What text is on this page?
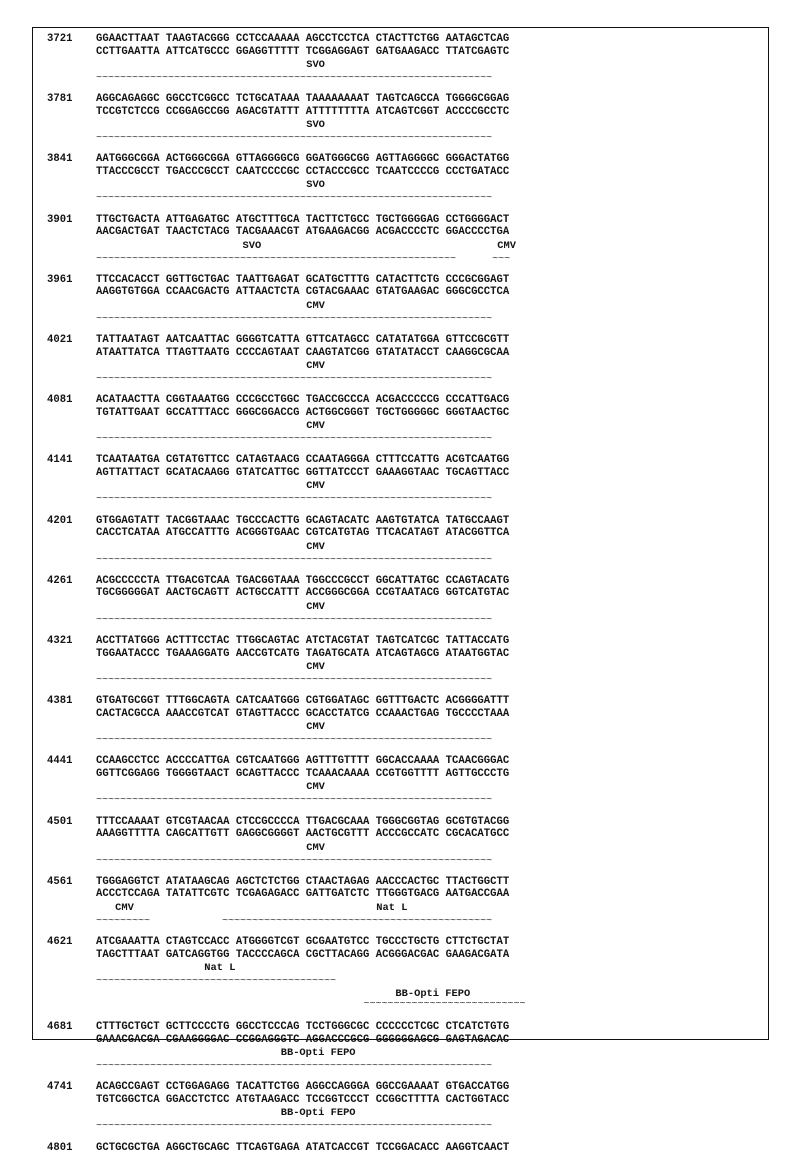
3721 GGAACTTAAT TAAGTACGGG CCTCCAAAAA AGCCTCCTCA CTACTTCTGG AATAGCTCAG
CCTTGAATTA ATTCATGCCC GGAGGTTTTT TCGGAGGAGT GATGAAGACC TTATCGAGTC
SVO
~~~~~~~~~~~~~~~~~~~~~~~~~~~~~~~~~~~~~~~~~~~~~~~~~~~~~~~~~~~~~~~~~~
3781 AGGCAGAGGC GGCCTCGGCC TCTGCATAAA TAAAAAAAAT TAGTCAGCCA TGGGGCGGAG
TCCGTCTCCG CCGGAGCCGG AGACGTATTT ATTTTTTTTA ATCAGTCGGT ACCCCGCCTC
SVO
~~~~~~~~~~~~~~~~~~~~~~~~~~~~~~~~~~~~~~~~~~~~~~~~~~~~~~~~~~~~~~~~~~
3841 AATGGGCGGA ACTGGGCGGA GTTAGGGGCG GGATGGGCGG AGTTAGGGGC GGGACTATGG
TTACCCGCCT TGACCCGCCT CAATCCCCGC CCTACCCGCC TCAATCCCCG CCCTGATACC
SVO
~~~~~~~~~~~~~~~~~~~~~~~~~~~~~~~~~~~~~~~~~~~~~~~~~~~~~~~~~~~~~~~~~~
3901 TTGCTGACTA ATTGAGATGC ATGCTTTGCA TACTTCTGCC TGCTGGGGAG CCTGGGGACT
AACGACTGAT TAACTCTACG TACGAAACGT ATGAAGACGG ACGACCCCTC GGACCCCTGA
SVO	CMV
~~~~~~~~~~~~~~~~~~~~~~~~~~~~~~~~~~~~~~~~~~~~~~~~~~~~~~~~~~~~      ~~~
3961 TTCCACACCT GGTTGCTGAC TAATTGAGAT GCATGCTTTG CATACTTCTG CCCGCGGAGT
AAGGTGTGGA CCAACGACTG ATTAACTCTA CGTACGAAAC GTATGAAGAC GGGCGCCTCA
CMV
~~~~~~~~~~~~~~~~~~~~~~~~~~~~~~~~~~~~~~~~~~~~~~~~~~~~~~~~~~~~~~~~~~
4021 TATTAATAGT AATCAATTAC GGGGTCATTA GTTCATAGCC CATATATGGA GTTCCGCGTT
ATAATTATCA TTAGTTAATG CCCCAGTAAT CAAGTATCGG GTATATACCT CAAGGCGCAA
CMV
~~~~~~~~~~~~~~~~~~~~~~~~~~~~~~~~~~~~~~~~~~~~~~~~~~~~~~~~~~~~~~~~~~
4081 ACATAACTTA CGGTAAATGG CCCGCCTGGC TGACCGCCCA ACGACCCCCG CCCATTGACG
TGTATTGAAT GCCATTTACC GGGCGGACCG ACTGGCGGGT TGCTGGGGGC GGGTAACTGC
CMV
~~~~~~~~~~~~~~~~~~~~~~~~~~~~~~~~~~~~~~~~~~~~~~~~~~~~~~~~~~~~~~~~~~
4141 TCAATAATGA CGTATGTTCC CATAGTAACG CCAATAGGGA CTTTCCATTG ACGTCAATGG
AGTTATTACT GCATACAAGG GTATCATTGC GGTTATCCCT GAAAGGTAAC TGCAGTTACC
CMV
~~~~~~~~~~~~~~~~~~~~~~~~~~~~~~~~~~~~~~~~~~~~~~~~~~~~~~~~~~~~~~~~~~
4201 GTGGAGTATT TACGGTAAAC TGCCCACTTG GCAGTACATC AAGTGTATCA TATGCCAAGT
CACCTCATAA ATGCCATTTG ACGGGTGAAC CGTCATGTAG TTCACATAGT ATACGGTTCA
CMV
~~~~~~~~~~~~~~~~~~~~~~~~~~~~~~~~~~~~~~~~~~~~~~~~~~~~~~~~~~~~~~~~~~
4261 ACGCCCCCTA TTGACGTCAA TGACGGTAAA TGGCCCGCCT GGCATTATGC CCAGTACATG
TGCGGGGGAT AACTGCAGTT ACTGCCATTT ACCGGGCGGA CCGTAATACG GGTCATGTAC
CMV
~~~~~~~~~~~~~~~~~~~~~~~~~~~~~~~~~~~~~~~~~~~~~~~~~~~~~~~~~~~~~~~~~~
4321 ACCTTATGGG ACTTTCCTAC TTGGCAGTAC ATCTACGTAT TAGTCATCGC TATTACCATG
TGGAATACCC TGAAAGGATG AACCGTCATG TAGATGCATA ATCAGTAGCG ATAATGGTAC
CMV
~~~~~~~~~~~~~~~~~~~~~~~~~~~~~~~~~~~~~~~~~~~~~~~~~~~~~~~~~~~~~~~~~~
4381 GTGATGCGGT TTTGGCAGTA CATCAATGGG CGTGGATAGC GGTTTGACTC ACGGGGATTT
CACTACGCCA AAACCGTCAT GTAGTTACCC GCACCTATCG CCAAACTGAG TGCCCCTAAA
CMV
~~~~~~~~~~~~~~~~~~~~~~~~~~~~~~~~~~~~~~~~~~~~~~~~~~~~~~~~~~~~~~~~~~
4441 CCAAGCCTCC ACCCCATTGA CGTCAATGGG AGTTTGTTTT GGCACCAAAA TCAACGGGAC
GGTTCGGAGG TGGGGTAACT GCAGTTACCC TCAAACAAAA CCGTGGTTTT AGTTGCCCTG
CMV
~~~~~~~~~~~~~~~~~~~~~~~~~~~~~~~~~~~~~~~~~~~~~~~~~~~~~~~~~~~~~~~~~~
4501 TTTCCAAAAT GTCGTAACAA CTCCGCCCCA TTGACGCAAA TGGGCGGTAG GCGTGTACGG
AAAGGTTTTA CAGCATTGTT GAGGCGGGGT AACTGCGTTT ACCCGCCATC CGCACATGCC
CMV
~~~~~~~~~~~~~~~~~~~~~~~~~~~~~~~~~~~~~~~~~~~~~~~~~~~~~~~~~~~~~~~~~~
4561 TGGGAGGTCT ATATAAGCAG AGCTCTCTGG CTAACTAGAG AACCCACTGC TTACTGGCTT
ACCCTCCAGA TATATTCGTC TCGAGAGACC GATTGATCTC TTGGGTGACG AATGACCGAA
CMV	Nat L
~~~~~~~~~            ~~~~~~~~~~~~~~~~~~~~~~~~~~~~~~~~~~~~~~~~~~~~~
4621 ATCGAAATTA CTAGTCCACC ATGGGGTCGT GCGAATGTCC TGCCCTGCTG CTTCTGCTAT
TAGCTTTAAT GATCAGGTGG TACCCCAGCA CGCTTACAGG ACGGGACGAC GAAGACGATA
Nat L
~~~~~~~~~~~~~~~~~~~~~~~~~~~~~~~~~~~~~~~~
BB-Opti FEPO
~~~~~~~~~~~~~~~~~~~~~~~~~~~
4681 CTTTGCTGCT GCTTCCCCTG GGCCTCCCAG TCCTGGGCGC CCCCCCTCGC CTCATCTGTG
GAAACGACGA CGAAGGGGAC CCGGAGGGTC AGGACCCGCG GGGGGGAGCG GAGTAGACAC
BB-Opti FEPO
~~~~~~~~~~~~~~~~~~~~~~~~~~~~~~~~~~~~~~~~~~~~~~~~~~~~~~~~~~~~~~~~~~
4741 ACAGCCGAGT CCTGGAGAGG TACATTCTGG AGGCCAGGGA GGCCGAAAAT GTGACCATGG
TGTCGGCTCA GGACCTCTCC ATGTAAGACC TCCGGTCCCT CCGGCTTTTA CACTGGTACC
BB-Opti FEPO
~~~~~~~~~~~~~~~~~~~~~~~~~~~~~~~~~~~~~~~~~~~~~~~~~~~~~~~~~~~~~~~~~~
4801 GCTGCGCTGA AGGCTGCAGC TTCAGTGAGA ATATCACCGT TCCGGACACC AAGGTCAACT
